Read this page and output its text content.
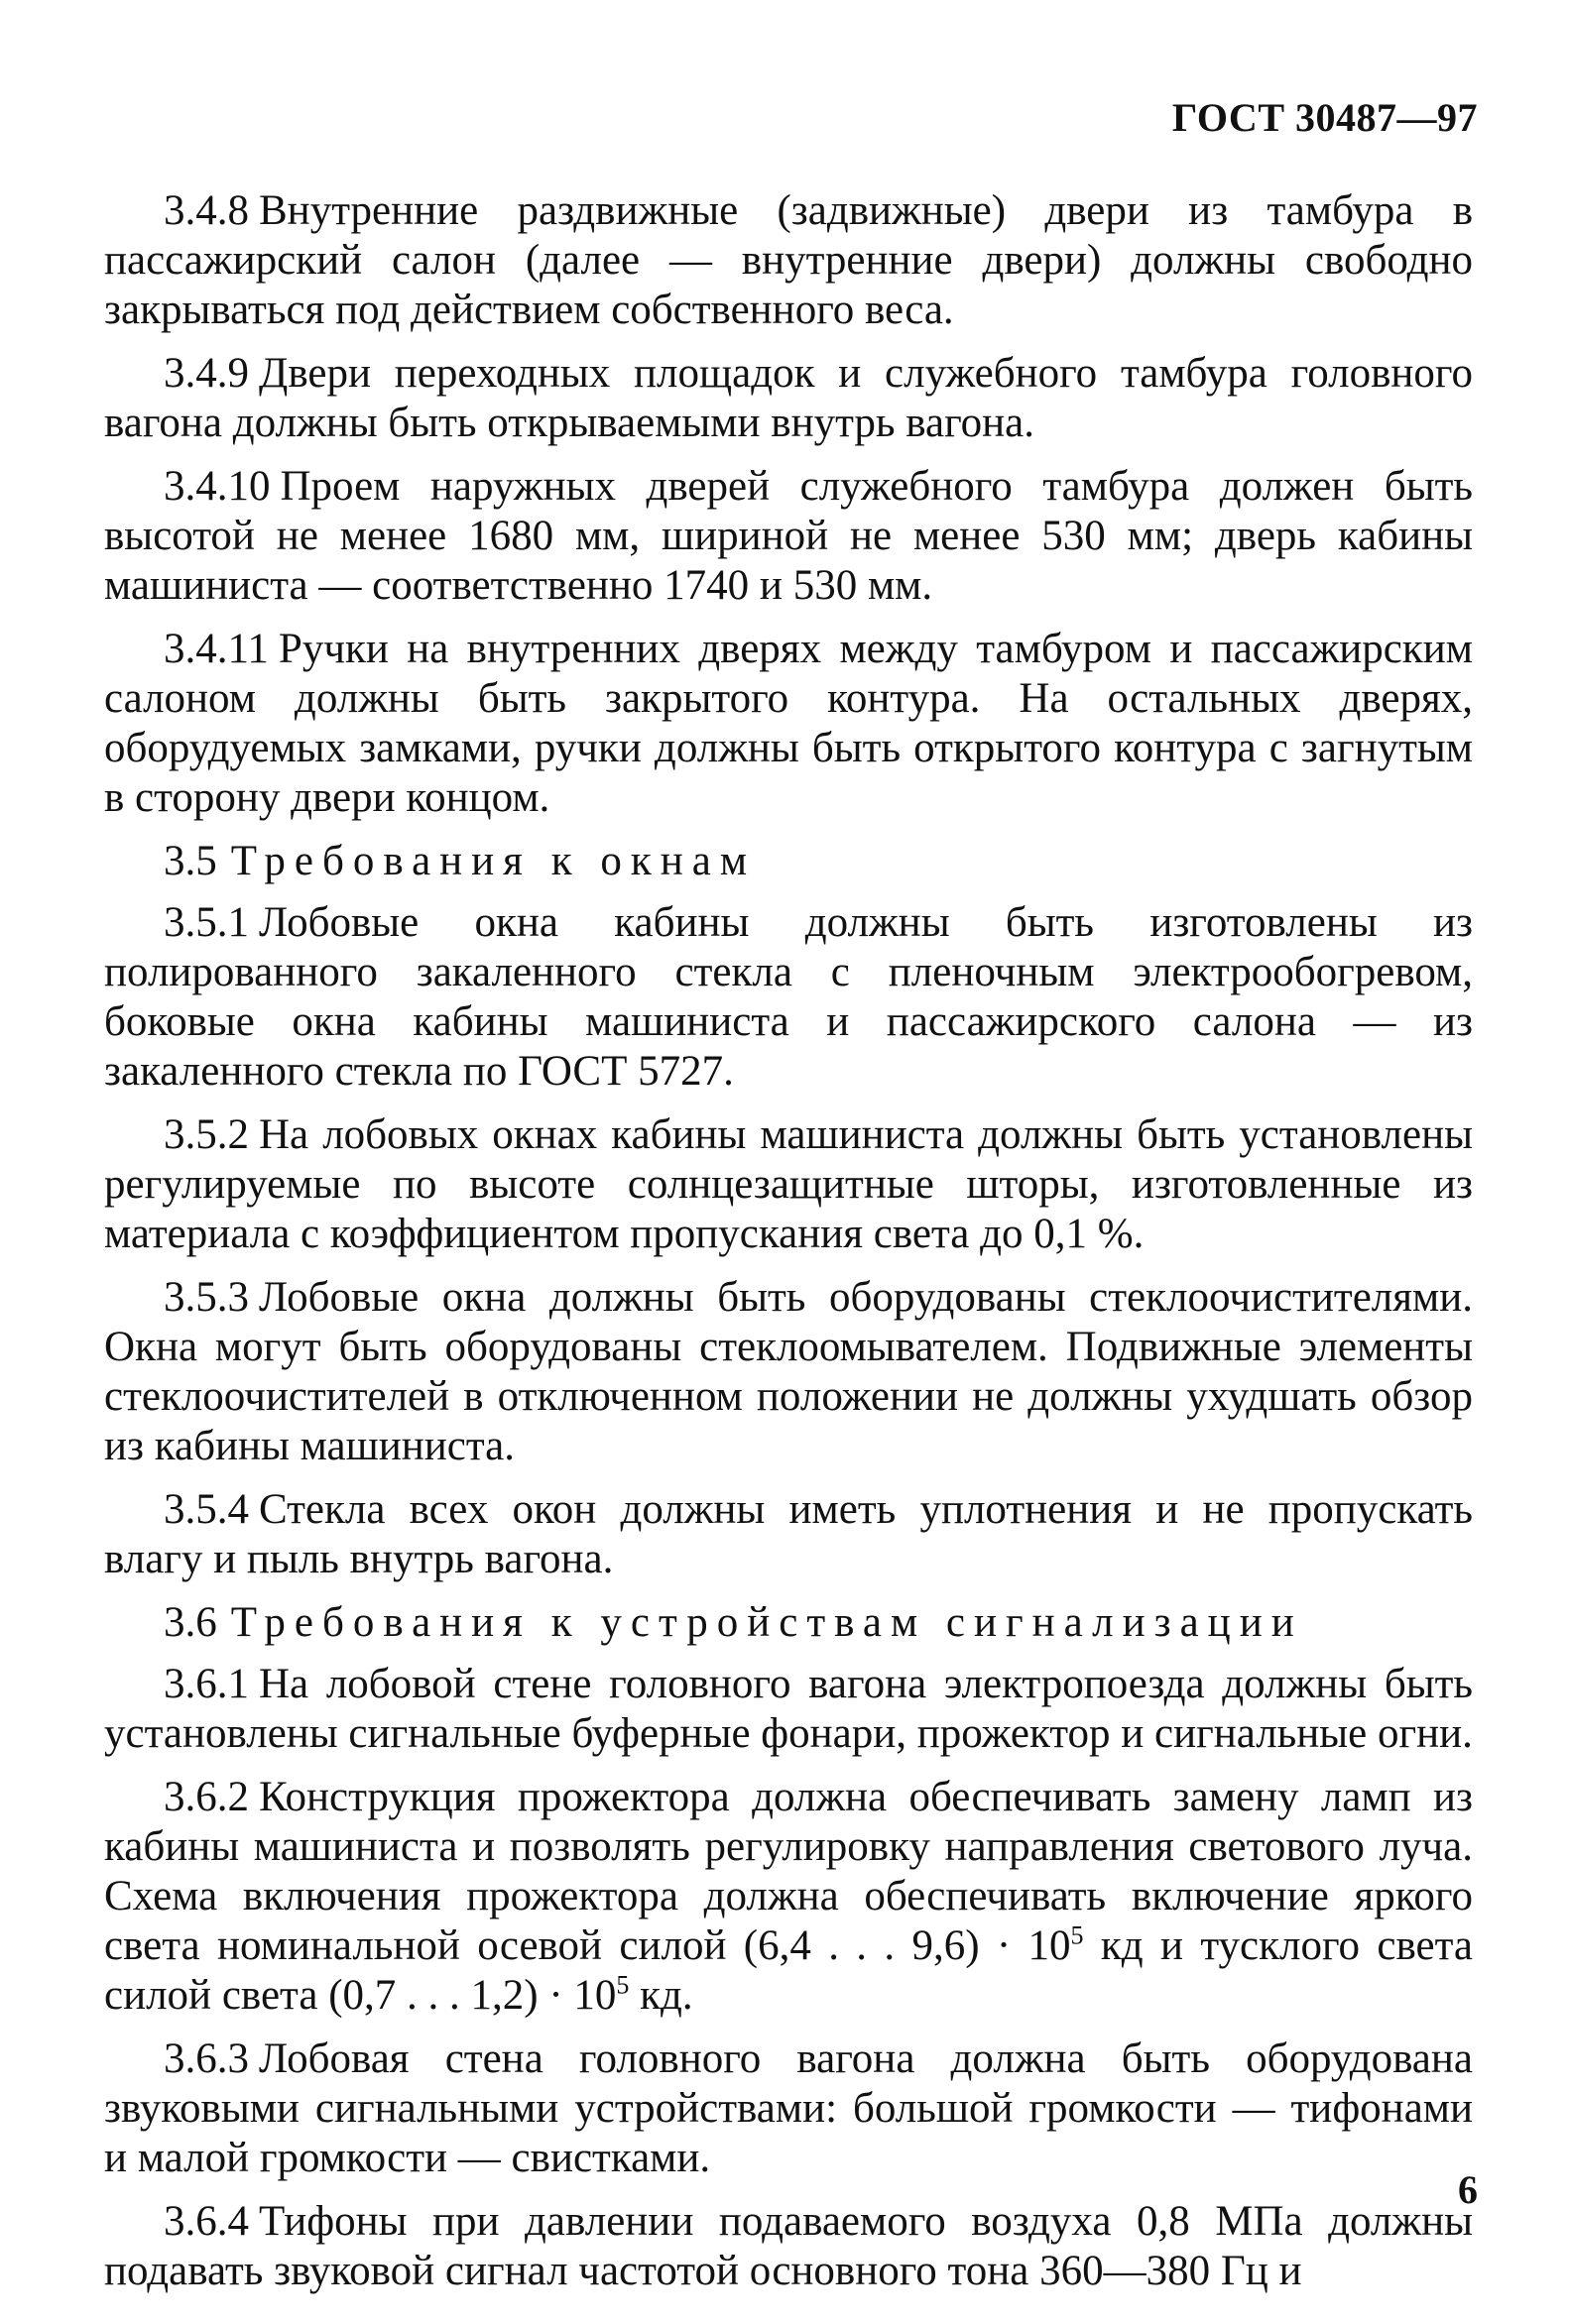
ГОСТ 30487—97

3.4.8 Внутренние раздвижные (задвижные) двери из тамбура в пассажирский салон (далее — внутренние двери) должны свободно закрываться под действием собственного веса.

3.4.9 Двери переходных площадок и служебного тамбура головного вагона должны быть открываемыми внутрь вагона.

3.4.10 Проем наружных дверей служебного тамбура должен быть высотой не менее 1680 мм, шириной не менее 530 мм; дверь кабины машиниста — соответственно 1740 и 530 мм.

3.4.11 Ручки на внутренних дверях между тамбуром и пассажирским салоном должны быть закрытого контура. На остальных дверях, оборудуемых замками, ручки должны быть открытого контура с загнутым в сторону двери концом.

3.5 Требования к окнам

3.5.1 Лобовые окна кабины должны быть изготовлены из полированного закаленного стекла с пленочным электрообогревом, боковые окна кабины машиниста и пассажирского салона — из закаленного стекла по ГОСТ 5727.

3.5.2 На лобовых окнах кабины машиниста должны быть установлены регулируемые по высоте солнцезащитные шторы, изготовленные из материала с коэффициентом пропускания света до 0,1 %.

3.5.3 Лобовые окна должны быть оборудованы стеклоочистителями. Окна могут быть оборудованы стеклоомывателем. Подвижные элементы стеклоочистителей в отключенном положении не должны ухудшать обзор из кабины машиниста.

3.5.4 Стекла всех окон должны иметь уплотнения и не пропускать влагу и пыль внутрь вагона.

3.6 Требования к устройствам сигнализации

3.6.1 На лобовой стене головного вагона электропоезда должны быть установлены сигнальные буферные фонари, прожектор и сигнальные огни.

3.6.2 Конструкция прожектора должна обеспечивать замену ламп из кабины машиниста и позволять регулировку направления светового луча. Схема включения прожектора должна обеспечивать включение яркого света номинальной осевой силой (6,4 . . . $9,6) \cdot 10^5$ кд и тусклого света силой света (0,7 . . . $1,2) \cdot 10^5$ кд.

3.6.3 Лобовая стена головного вагона должна быть оборудована звуковыми сигнальными устройствами: большой громкости — тифонами и малой громкости — свистками.

3.6.4 Тифоны при давлении подаваемого воздуха 0,8 МПа должны подавать звуковой сигнал частотой основного тона 360—380 Гц и

6
